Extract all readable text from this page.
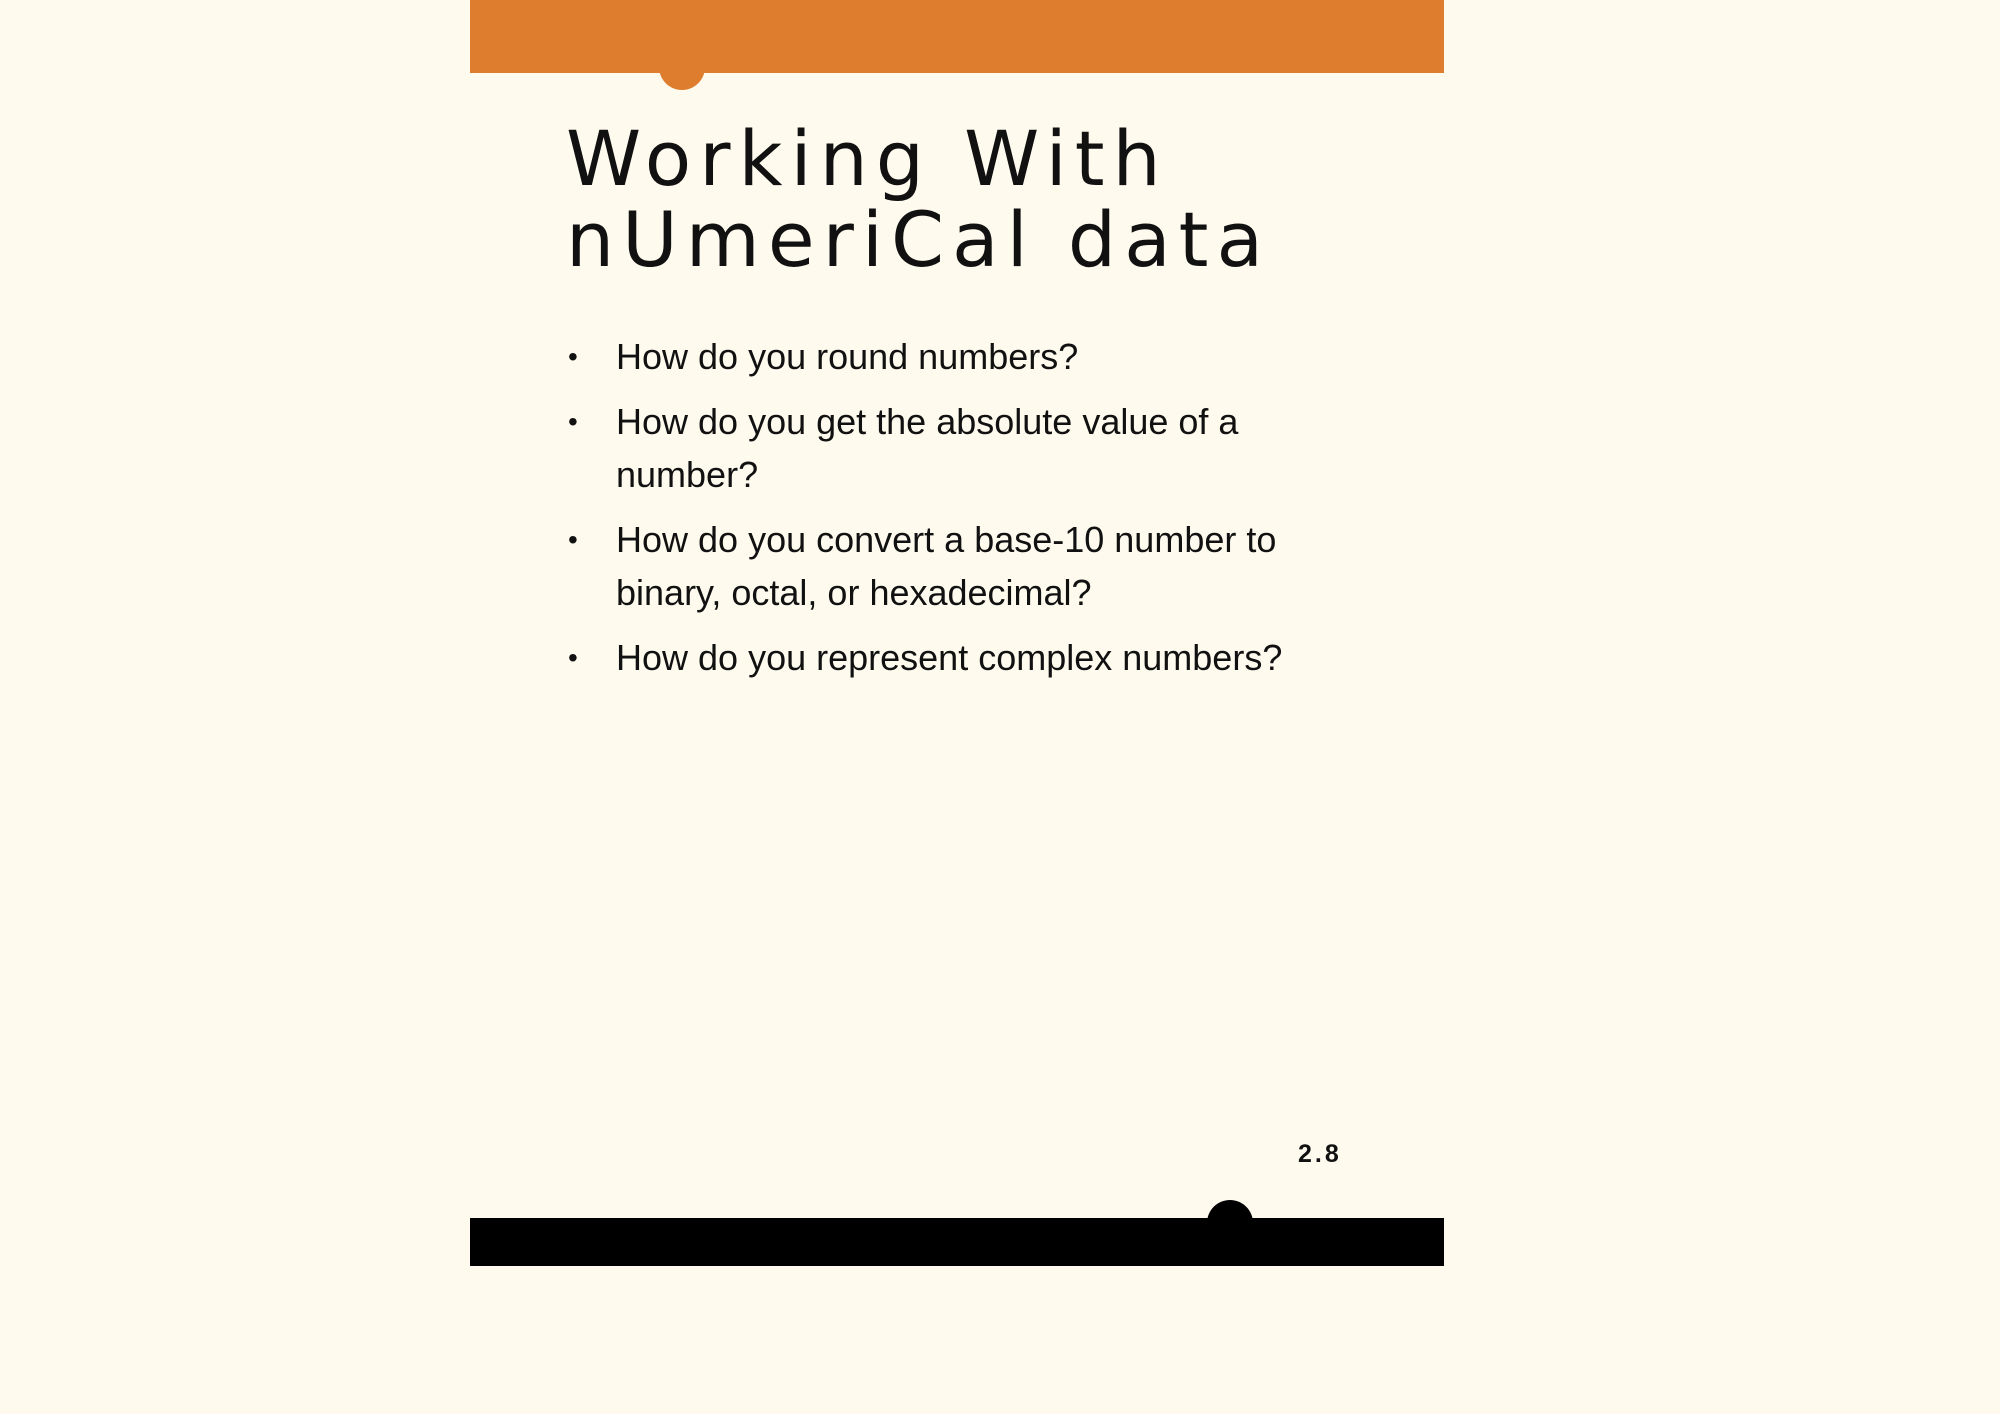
Working With
nUmeriCal data
• How do you round numbers?
• How do you get the absolute value of a number?
• How do you convert a base-10 number to binary, octal, or hexadecimal?
• How do you represent complex numbers?
2.8
